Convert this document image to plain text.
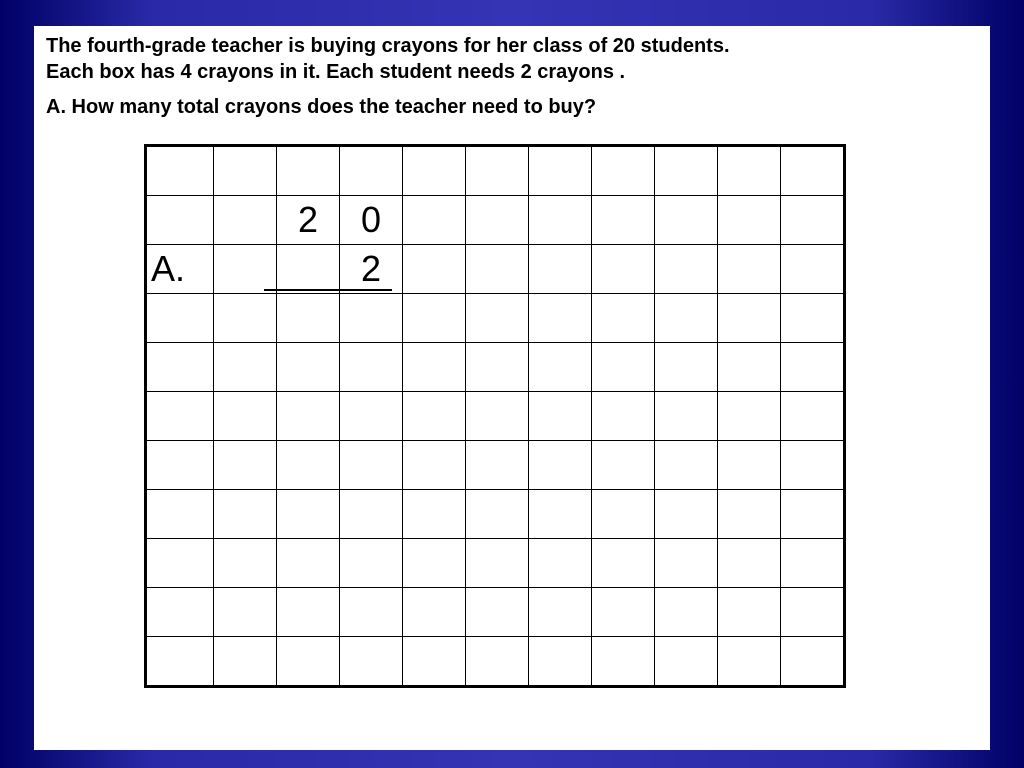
The fourth-grade teacher is buying crayons for her class of 20 students.

Each box has 4 crayons in it. Each student needs 2 crayons .

A. How many total crayons does the teacher need to buy?

		2	0							
A.			2							
